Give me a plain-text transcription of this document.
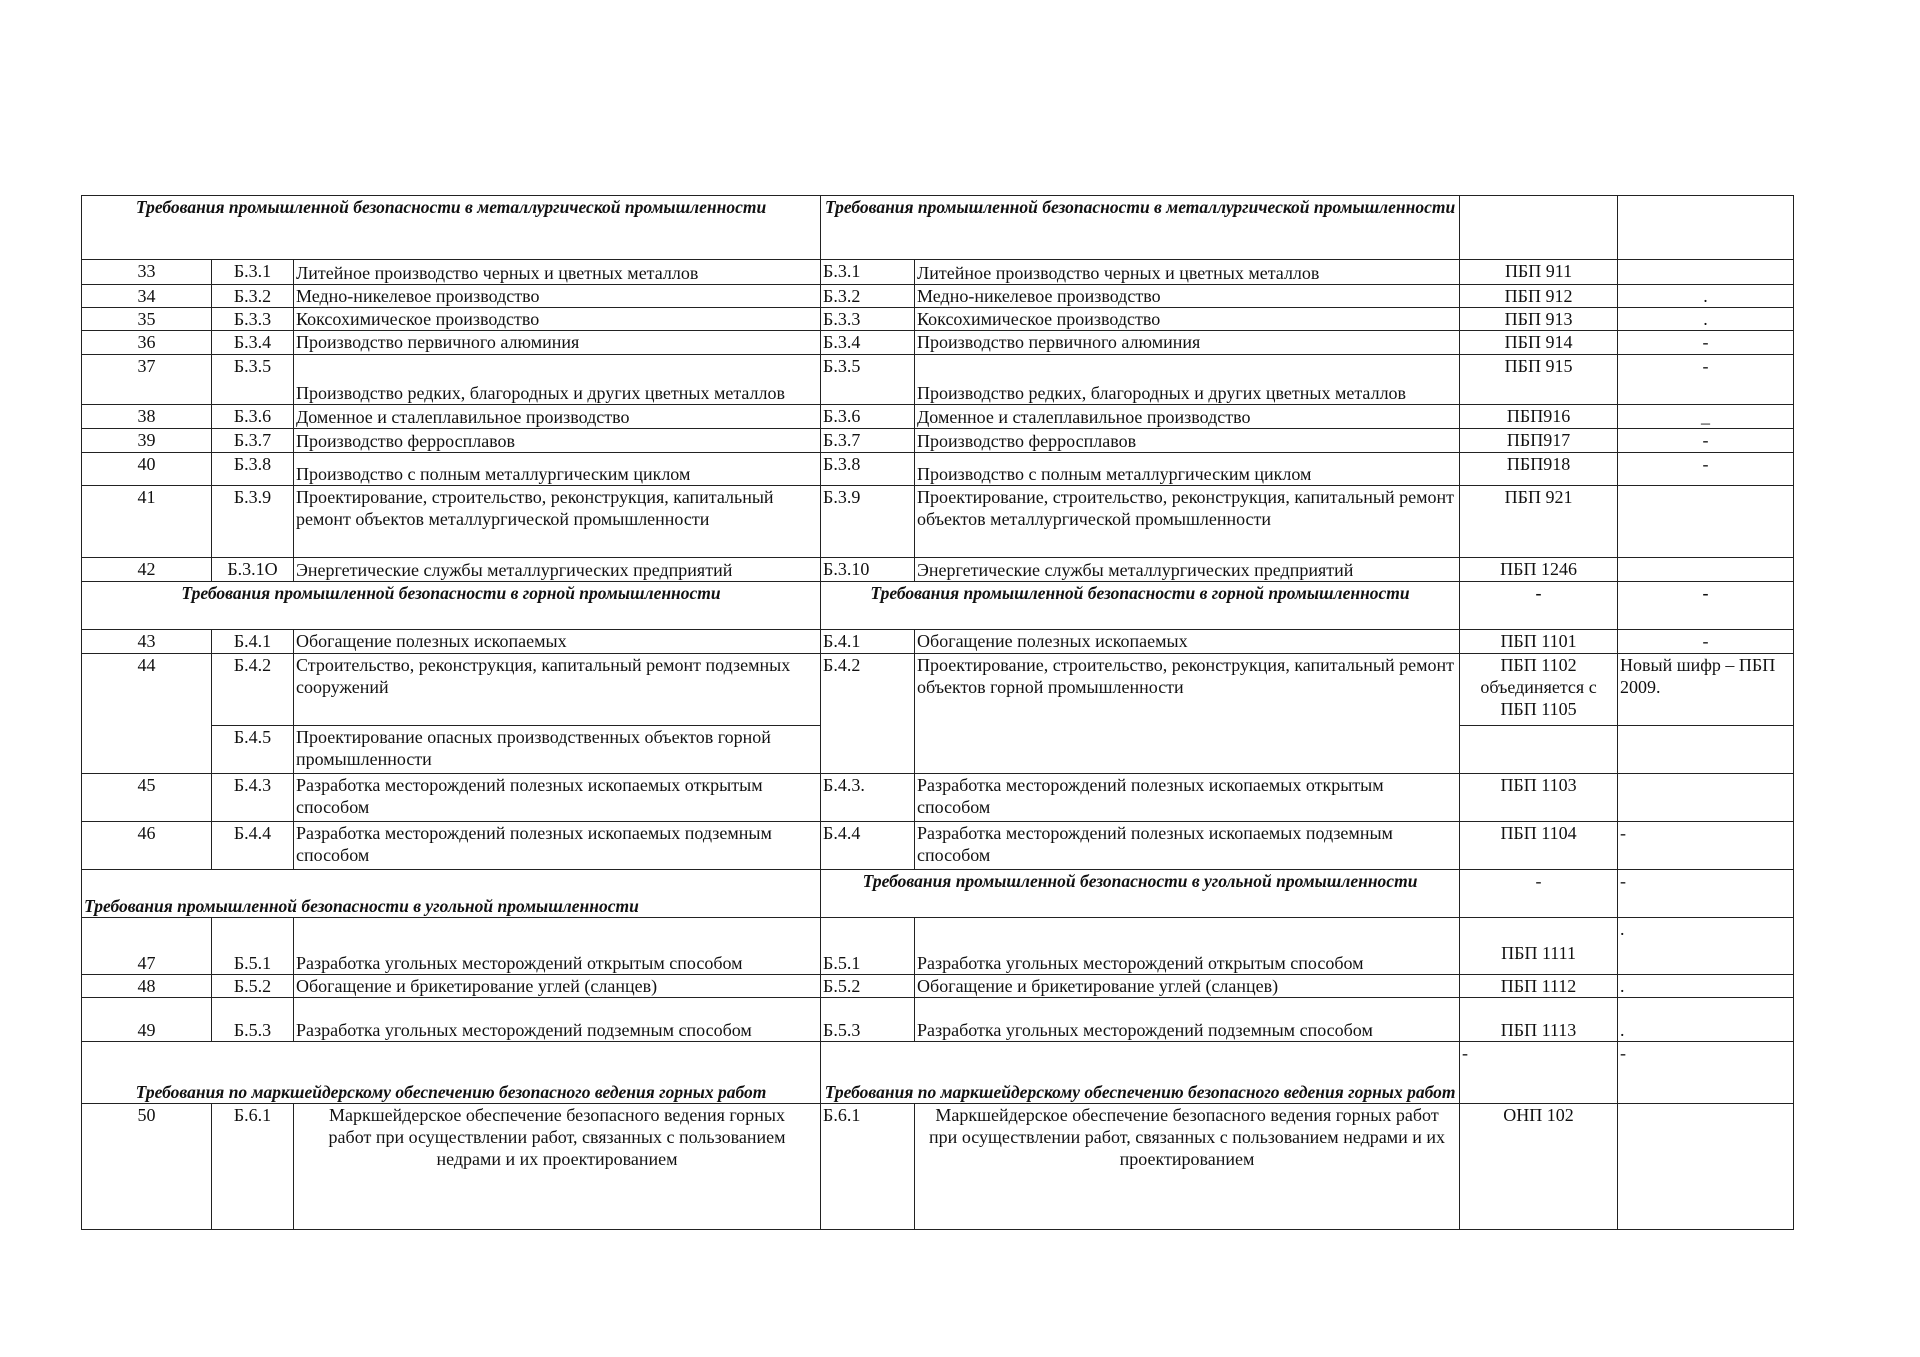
Требования промышленной безопасности в металлургической промышленности			Требования промышленной безопасности в металлургической промышленности			
33	Б.3.1	Литейное производство черных и цветных металлов	Б.3.1	Литейное производство черных и цветных металлов	ПБП 911	
34	Б.3.2	Медно-никелевое производство	Б.3.2	Медно-никелевое производство	ПБП 912	.
35	Б.3.3	Коксохимическое производство	Б.3.3	Коксохимическое производство	ПБП 913	.
36	Б.3.4	Производство первичного алюминия	Б.3.4	Производство первичного алюминия	ПБП 914	-
37	Б.3.5	Производство редких, благородных и других цветных металлов	Б.3.5	Производство редких, благородных и других цветных металлов	ПБП 915	-
38	Б.3.6	Доменное и сталеплавильное производство	Б.3.6	Доменное и сталеплавильное производство	ПБП916	_
39	Б.3.7	Производство ферросплавов	Б.3.7	Производство ферросплавов	ПБП917	-
40	Б.3.8	Производство с полным металлургическим циклом	Б.3.8	Производство с полным металлургическим циклом	ПБП918	-
41	Б.3.9	Проектирование, строительство, реконструкция, капитальный ремонт объектов металлургической промышленности	Б.3.9	Проектирование, строительство, реконструкция, капитальный ремонт объектов металлургической промышленности	ПБП 921	
42	Б.3.1О	Энергетические службы металлургических предприятий	Б.3.10	Энергетические службы металлургических предприятий	ПБП 1246	
Требования промышленной безопасности в горной промышленности			Требования промышленной безопасности в горной промышленности		-	-
43	Б.4.1	Обогащение полезных ископаемых	Б.4.1	Обогащение полезных ископаемых	ПБП 1101	-
44	Б.4.2	Строительство, реконструкция, капитальный ремонт подземных сооружений	Б.4.2	Проектирование, строительство, реконструкция, капитальный ремонт объектов горной промышленности	ПБП 1102 объединяется с ПБП 1105	Новый шифр – ПБП 2009.
	Б.4.5	Проектирование опасных производственных объектов горной промышленности				
45	Б.4.3	Разработка месторождений полезных ископаемых открытым способом	Б.4.3.	Разработка месторождений полезных ископаемых открытым способом	ПБП 1103	
46	Б.4.4	Разработка месторождений полезных ископаемых подземным способом	Б.4.4	Разработка месторождений полезных ископаемых подземным способом	ПБП 1104	-
Требования промышленной безопасности в угольной промышленности			Требования промышленной безопасности в угольной промышленности		-	-
47	Б.5.1	Разработка угольных месторождений открытым способом	Б.5.1	Разработка угольных месторождений открытым способом	ПБП 1111	.
48	Б.5.2	Обогащение и брикетирование углей (сланцев)	Б.5.2	Обогащение и брикетирование углей (сланцев)	ПБП 1112	.
49	Б.5.3	Разработка угольных месторождений подземным способом	Б.5.3	Разработка угольных месторождений подземным способом	ПБП 1113	.
Требования по маркшейдерскому обеспечению безопасного ведения горных работ			Требования по маркшейдерскому обеспечению безопасного ведения горных работ		-	-
50	Б.6.1	Маркшейдерское обеспечение безопасного ведения горных работ при осуществлении работ, связанных с пользованием недрами и их проектированием	Б.6.1	Маркшейдерское обеспечение безопасного ведения горных работ при осуществлении работ, связанных с пользованием недрами и их проектированием	ОНП 102	
